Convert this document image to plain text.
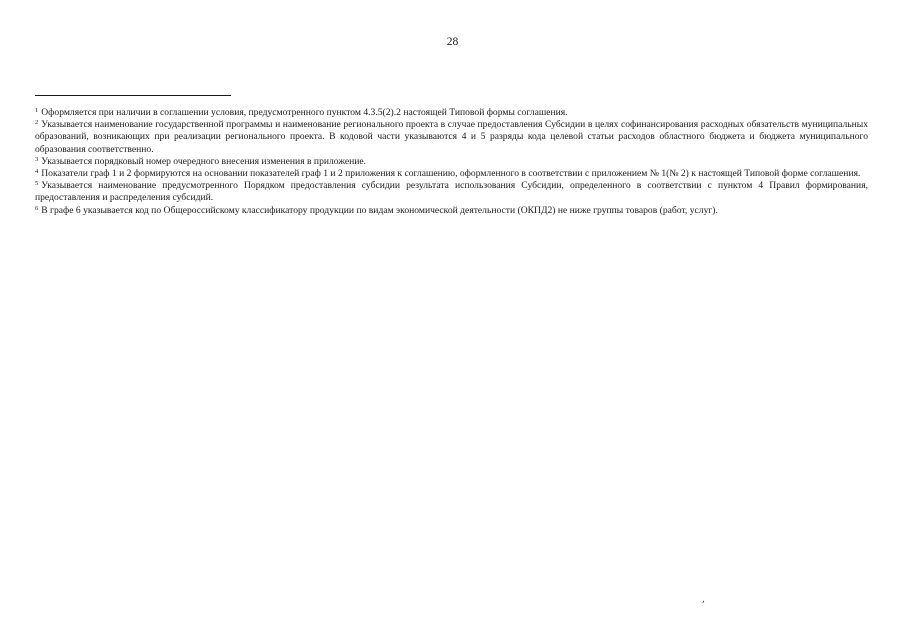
28

$^1$ Оформляется при наличии в соглашении условия, предусмотренного пунктом 4.3.5(2).2 настоящей Типовой формы соглашения.

$^2$ Указывается наименование государственной программы и наименование регионального проекта в случае предоставления Субсидии в целях софинансирования расходных обязательств муниципальных образований, возникающих при реализации регионального проекта. В кодовой части указываются 4 и 5 разряды кода целевой статьи расходов областного бюджета и бюджета муниципального образования соответственно.

$^3$ Указывается порядковый номер очередного внесения изменения в приложение.

$^4$ Показатели граф 1 и 2 формируются на основании показателей граф 1 и 2 приложения к соглашению, оформленного в соответствии с приложением № 1(№ 2) к настоящей Типовой форме соглашения.

$^5$ Указывается наименование предусмотренного Порядком предоставления субсидии результата использования Субсидии, определенного в соответствии с пунктом 4 Правил формирования, предоставления и распределения субсидий.

$^6$ В графе 6 указывается код по Общероссийскому классификатору продукции по видам экономической деятельности (ОКПД2) не ниже группы товаров (работ, услуг).

,
